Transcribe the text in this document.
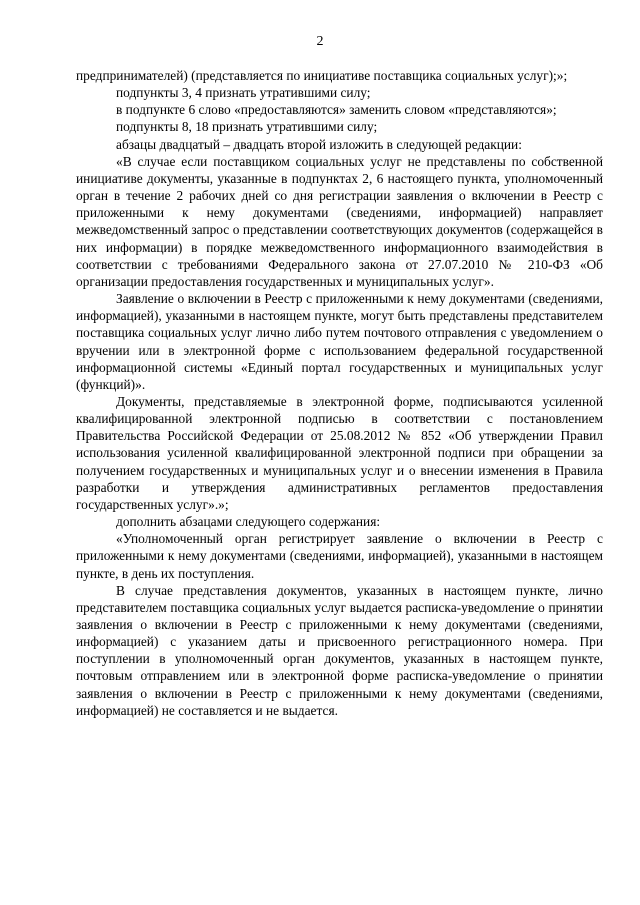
2

предпринимателей) (представляется по инициативе поставщика социальных услуг);»;

подпункты 3, 4 признать утратившими силу;

в подпункте 6 слово «предоставляются» заменить словом «представляются»;

подпункты 8, 18 признать утратившими силу;

абзацы двадцатый – двадцать второй изложить в следующей редакции:

«В случае если поставщиком социальных услуг не представлены по собственной инициативе документы, указанные в подпунктах 2, 6 настоящего пункта, уполномоченный орган в течение 2 рабочих дней со дня регистрации заявления о включении в Реестр с приложенными к нему документами (сведениями, информацией) направляет межведомственный запрос о представлении соответствующих документов (содержащейся в них информации) в порядке межведомственного информационного взаимодействия в соответствии с требованиями Федерального закона от 27.07.2010 № 210-ФЗ «Об организации предоставления государственных и муниципальных услуг».

Заявление о включении в Реестр с приложенными к нему документами (сведениями, информацией), указанными в настоящем пункте, могут быть представлены представителем поставщика социальных услуг лично либо путем почтового отправления с уведомлением о вручении или в электронной форме с использованием федеральной государственной информационной системы «Единый портал государственных и муниципальных услуг (функций)».

Документы, представляемые в электронной форме, подписываются усиленной квалифицированной электронной подписью в соответствии с постановлением Правительства Российской Федерации от 25.08.2012 № 852 «Об утверждении Правил использования усиленной квалифицированной электронной подписи при обращении за получением государственных и муниципальных услуг и о внесении изменения в Правила разработки и утверждения административных регламентов предоставления государственных услуг».»;

дополнить абзацами следующего содержания:

«Уполномоченный орган регистрирует заявление о включении в Реестр с приложенными к нему документами (сведениями, информацией), указанными в настоящем пункте, в день их поступления.

В случае представления документов, указанных в настоящем пункте, лично представителем поставщика социальных услуг выдается расписка-уведомление о принятии заявления о включении в Реестр с приложенными к нему документами (сведениями, информацией) с указанием даты и присвоенного регистрационного номера. При поступлении в уполномоченный орган документов, указанных в настоящем пункте, почтовым отправлением или в электронной форме расписка-уведомление о принятии заявления о включении в Реестр с приложенными к нему документами (сведениями, информацией) не составляется и не выдается.
